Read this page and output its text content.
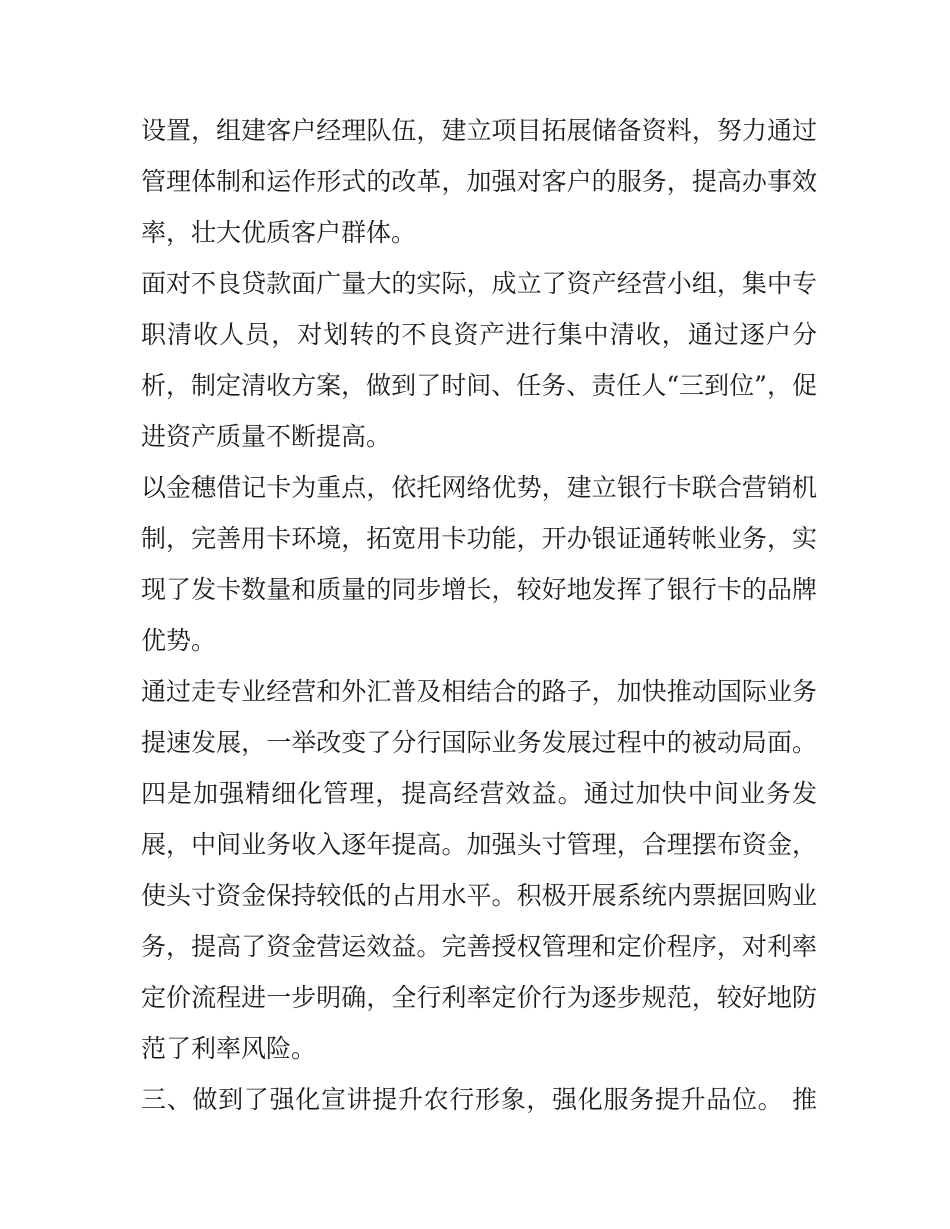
设置，组建客户经理队伍，建立项目拓展储备资料，努力通过
管理体制和运作形式的改革，加强对客户的服务，提高办事效
率，壮大优质客户群体。
面对不良贷款面广量大的实际，成立了资产经营小组，集中专
职清收人员，对划转的不良资产进行集中清收，通过逐户分
析，制定清收方案，做到了时间、任务、责任人“三到位”，促
进资产质量不断提高。
以金穗借记卡为重点，依托网络优势，建立银行卡联合营销机
制，完善用卡环境，拓宽用卡功能，开办银证通转帐业务，实
现了发卡数量和质量的同步增长，较好地发挥了银行卡的品牌
优势。
通过走专业经营和外汇普及相结合的路子，加快推动国际业务
提速发展，一举改变了分行国际业务发展过程中的被动局面。
四是加强精细化管理，提高经营效益。通过加快中间业务发
展，中间业务收入逐年提高。加强头寸管理，合理摆布资金，
使头寸资金保持较低的占用水平。积极开展系统内票据回购业
务，提高了资金营运效益。完善授权管理和定价程序，对利率
定价流程进一步明确，全行利率定价行为逐步规范，较好地防
范了利率风险。
三、做到了强化宣讲提升农行形象，强化服务提升品位。 推
